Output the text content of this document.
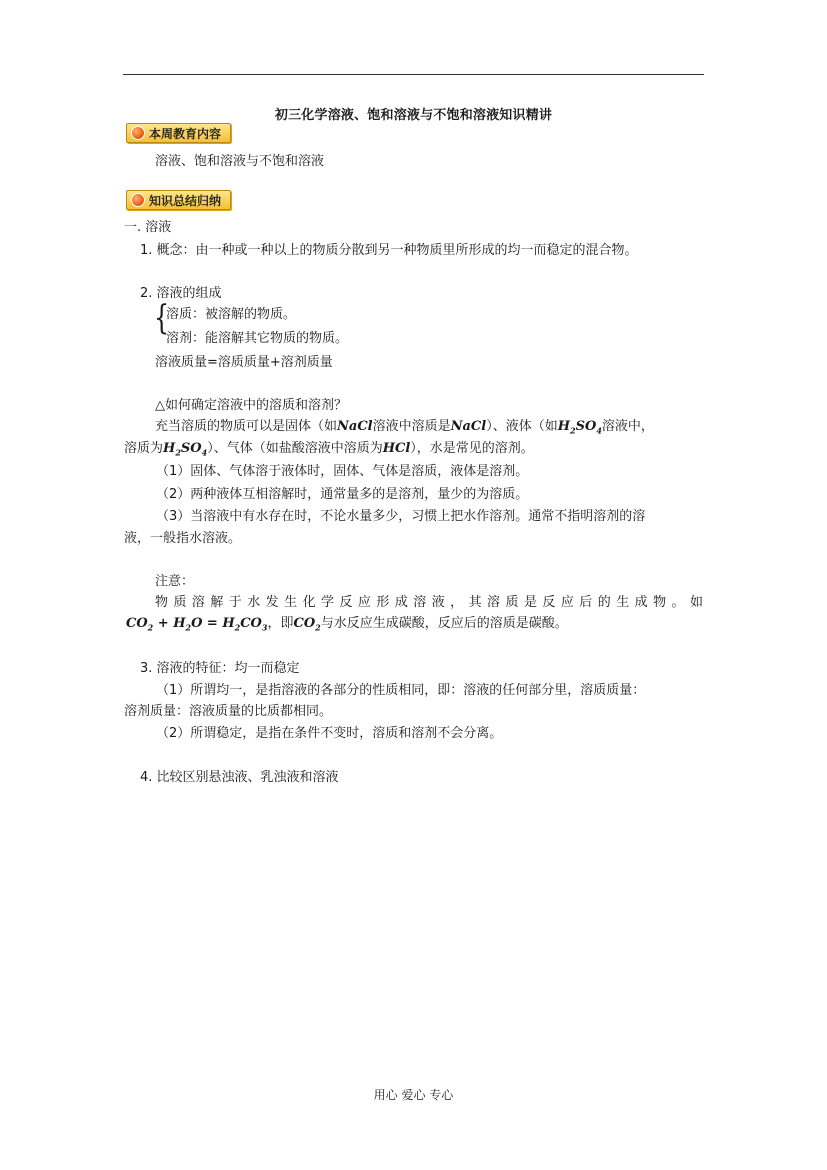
初三化学溶液、饱和溶液与不饱和溶液知识精讲
本周教育内容
溶液、饱和溶液与不饱和溶液
知识总结归纳
一. 溶液
1. 概念：由一种或一种以上的物质分散到另一种物质里所形成的均一而稳定的混合物。
2. 溶液的组成
{
溶质：被溶解的物质。
溶剂：能溶解其它物质的物质。
溶液质量=溶质质量+溶剂质量
△如何确定溶液中的溶质和溶剂？
充当溶质的物质可以是固体（如NaCl溶液中溶质是NaCl）、液体（如$H_2SO_4$溶液中，
溶质为$H_2SO_4$）、气体（如盐酸溶液中溶质为HCl），水是常见的溶剂。
（1）固体、气体溶于液体时，固体、气体是溶质，液体是溶剂。
（2）两种液体互相溶解时，通常量多的是溶剂，量少的为溶质。
（3）当溶液中有水存在时，不论水量多少，习惯上把水作溶剂。通常不指明溶剂的溶
液，一般指水溶液。
注意：
物质溶解于水发生化学反应形成溶液，其溶质是反应后的生成物。如
$CO_2 + H_2O = H_2CO_3$，即$CO_2$与水反应生成碳酸，反应后的溶质是碳酸。
3. 溶液的特征：均一而稳定
（1）所谓均一，是指溶液的各部分的性质相同，即：溶液的任何部分里，溶质质量：
溶剂质量：溶液质量的比质都相同。
（2）所谓稳定，是指在条件不变时，溶质和溶剂不会分离。
4. 比较区别悬浊液、乳浊液和溶液
用心 爱心 专心
